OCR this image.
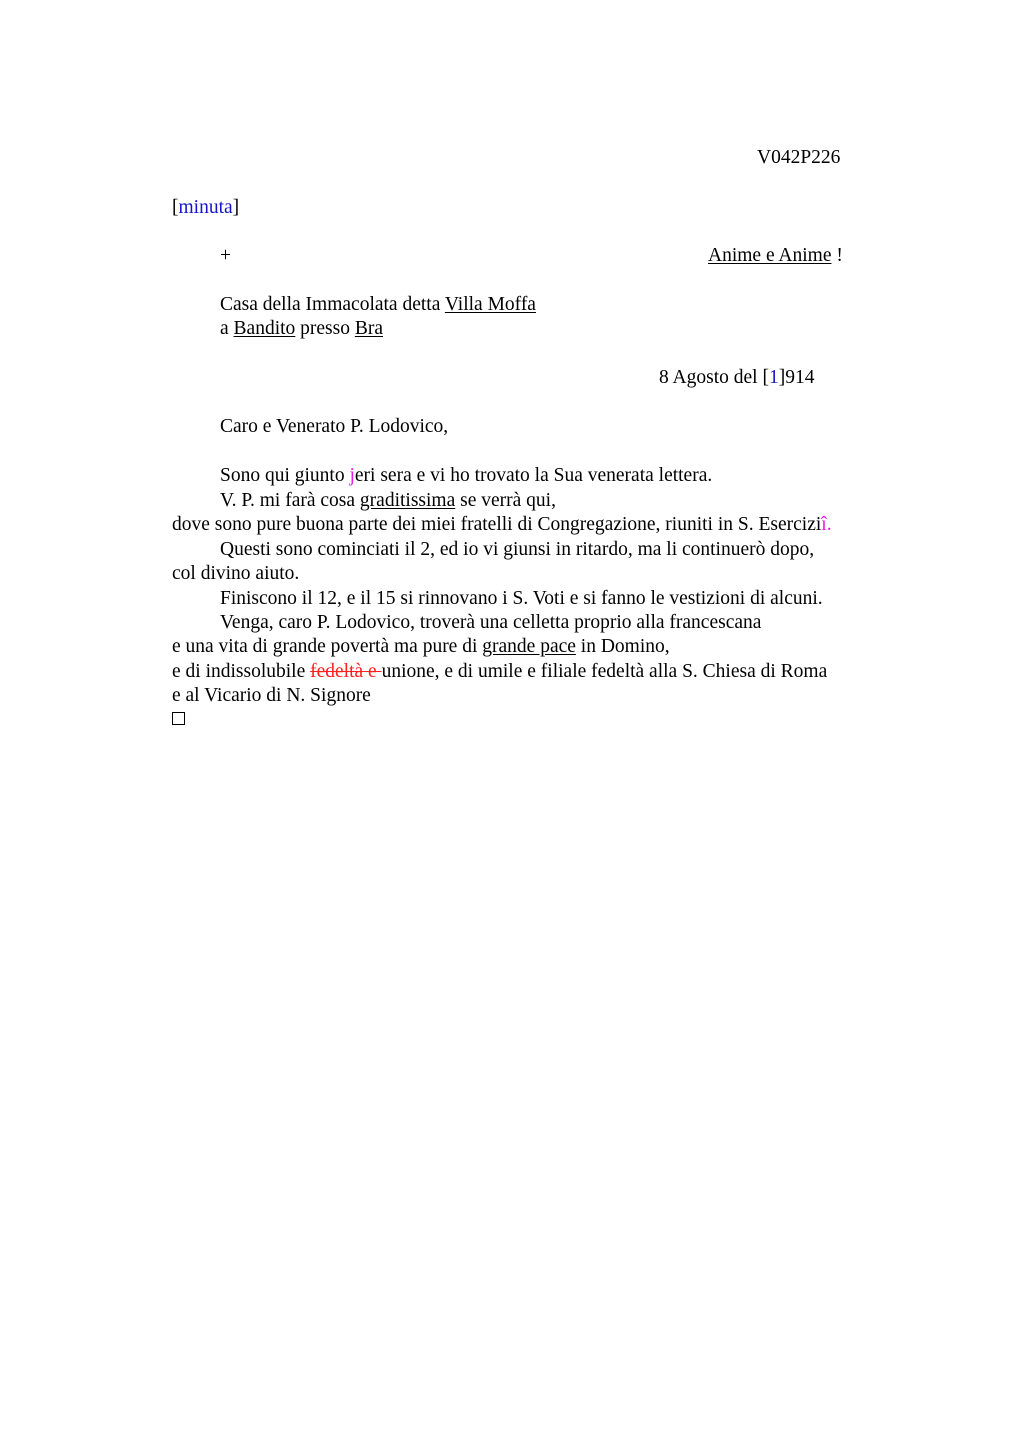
V042P226
[minuta]
+	Anime e Anime !
Casa della Immacolata detta Villa Moffa
a Bandito presso Bra
8 Agosto del [1]914
Caro e Venerato P. Lodovico,
Sono qui giunto jeri sera e vi ho trovato la Sua venerata lettera.
V. P. mi farà cosa graditissima se verrà qui,
dove sono pure buona parte dei miei fratelli di Congregazione, riuniti in S. Eserciziî.
Questi sono cominciati il 2, ed io vi giunsi in ritardo, ma li continuerò dopo,
col divino aiuto.
Finiscono il 12, e il 15 si rinnovano i S. Voti e si fanno le vestizioni di alcuni.
Venga, caro P. Lodovico, troverà una celletta proprio alla francescana
e una vita di grande povertà ma pure di grande pace in Domino,
e di indissolubile fedeltà e unione, e di umile e filiale fedeltà alla S. Chiesa di Roma
e al Vicario di N. Signore
